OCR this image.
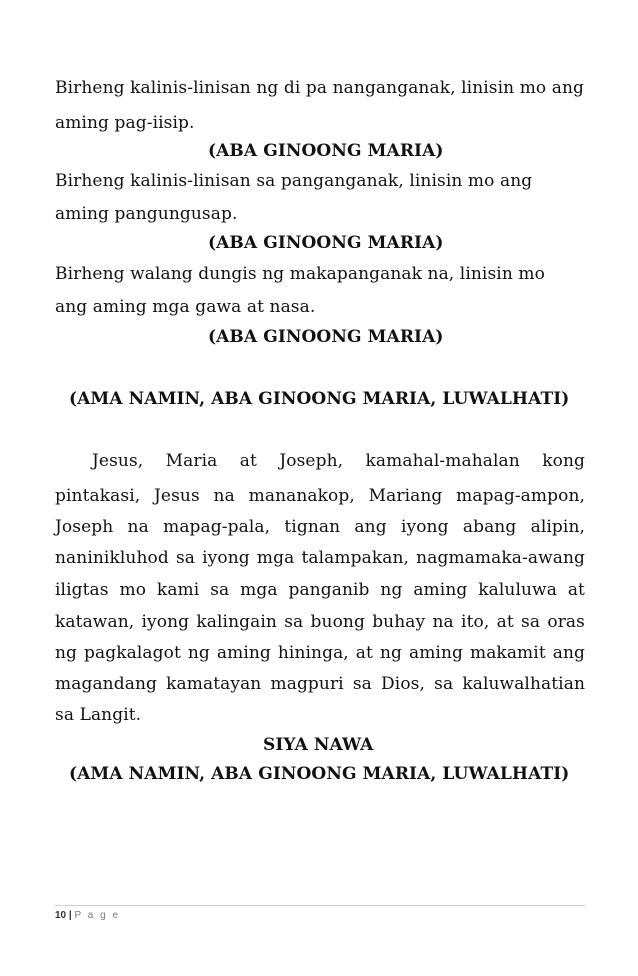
Birheng kalinis-linisan ng di pa nanganganak, linisin mo ang
aming pag-iisip.
(ABA GINOONG MARIA)
Birheng kalinis-linisan sa panganganak, linisin mo ang
aming pangungusap.
(ABA GINOONG MARIA)
Birheng walang dungis ng makapanganak na, linisin mo
ang aming mga gawa at nasa.
(ABA GINOONG MARIA)
(AMA NAMIN, ABA GINOONG MARIA, LUWALHATI)
Jesus, Maria at Joseph, kamahal-mahalan kong
pintakasi, Jesus na mananakop, Mariang mapag-ampon,
Joseph na mapag-pala, tignan ang iyong abang alipin,
naninikluhod sa iyong mga talampakan, nagmamaka-awang
iligtas mo kami sa mga panganib ng aming kaluluwa at
katawan, iyong kalingain sa buong buhay na ito, at sa oras
ng pagkalagot ng aming hininga, at ng aming makamit ang
magandang kamatayan magpuri sa Dios, sa kaluwalhatian
sa Langit.
SIYA NAWA
(AMA NAMIN, ABA GINOONG MARIA, LUWALHATI)
10 | P a g e
